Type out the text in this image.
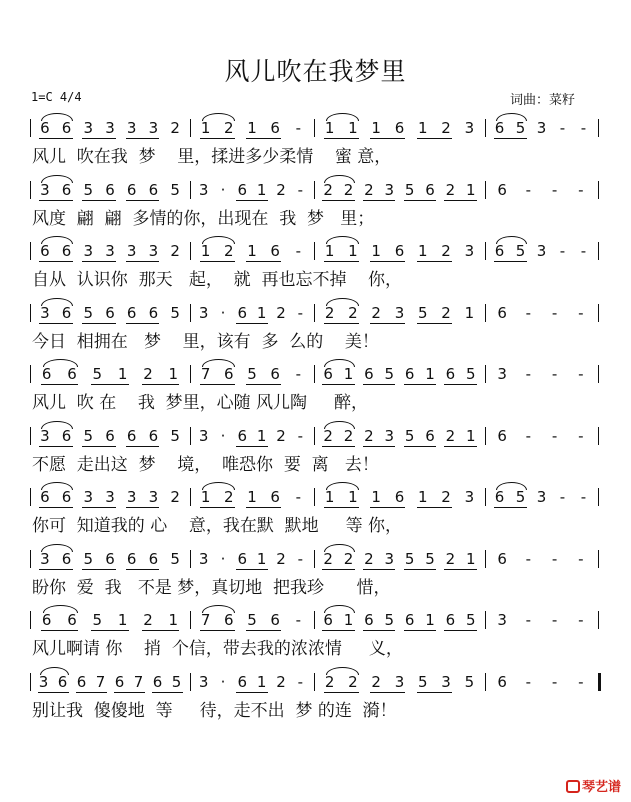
风儿吹在我梦里
1=C 4/4	词曲：菜籽
6 6 3 3 3 3 2 1 2 1 6 - 1 1 1 6 1 2 3 6 5 3 - -
风儿  吹在我  梦    里，揉进多少柔情    蜜 意，
3 6 5 6 6 6 5 3 · 6 1 2 - 2 2 2 3 5 6 2 1 6 - - -
风度  翩  翩  多情的你，出现在  我  梦   里；
6 6 3 3 3 3 2 1 2 1 6 - 1 1 1 6 1 2 3 6 5 3 - -
自从  认识你  那天   起，  就  再也忘不掉    你，
3 6 5 6 6 6 5 3 · 6 1 2 - 2 2 2 3 5 2 1 6 - - -
今日  相拥在   梦    里，该有  多  么的    美！
6 6 5 1 2 1 7 6 5 6 - 6 1 6 5 6 1 6 5 3 - - -
风儿  吹 在    我  梦里，心随 风儿陶     醉，
3 6 5 6 6 6 5 3 · 6 1 2 - 2 2 2 3 5 6 2 1 6 - - -
不愿  走出这  梦    境，  唯恐你  要  离   去！
6 6 3 3 3 3 2 1 2 1 6 - 1 1 1 6 1 2 3 6 5 3 - -
你可  知道我的 心    意，我在默  默地     等 你，
3 6 5 6 6 6 5 3 · 6 1 2 - 2 2 2 3 5 5 2 1 6 - - -
盼你  爱  我   不是 梦，真切地  把我珍      惜，
6 6 5 1 2 1 7 6 5 6 - 6 1 6 5 6 1 6 5 3 - - -
风儿啊请 你    捎  个信，带去我的浓浓情     义，
3 6 6 7 6 7 6 5 3 · 6 1 2 - 2 2 2 3 5 3 5 6 - - -
别让我  傻傻地  等     待，走不出  梦 的连  漪！
琴艺谱
